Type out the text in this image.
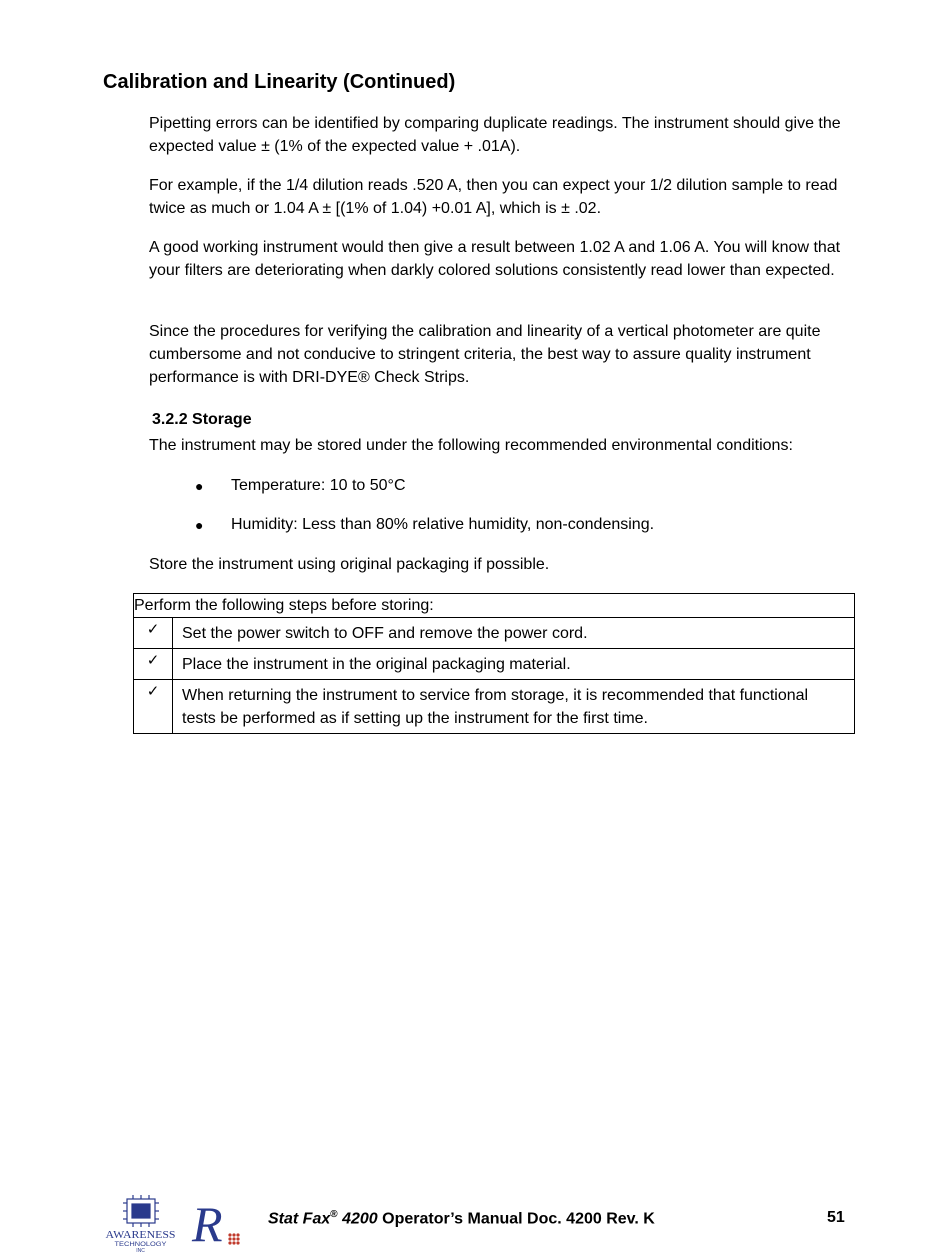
Calibration and Linearity (Continued)

Pipetting errors can be identified by comparing duplicate readings. The instrument should give the expected value ± (1% of the expected value + .01A).

For example, if the 1/4 dilution reads .520 A, then you can expect your 1/2 dilution sample to read twice as much or 1.04 A ± [(1% of 1.04) +0.01 A], which is ± .02.

A good working instrument would then give a result between 1.02 A and 1.06 A. You will know that your filters are deteriorating when darkly colored solutions consistently read lower than expected.

Since the procedures for verifying the calibration and linearity of a vertical photometer are quite cumbersome and not conducive to stringent criteria, the best way to assure quality instrument performance is with DRI-DYE® Check Strips.

3.2.2 Storage

The instrument may be stored under the following recommended environmental conditions:

● Temperature: 10 to 50°C
● Humidity: Less than 80% relative humidity, non-condensing.

Store the instrument using original packaging if possible.

Perform the following steps before storing:	
✓	Set the power switch to OFF and remove the power cord.
✓	Place the instrument in the original packaging material.
✓	When returning the instrument to service from storage, it is recommended that functional tests be performed as if setting up the instrument for the first time.
AWARENESS
TECHNOLOGY
INC R	Stat Fax® 4200 Operator’s Manual Doc. 4200 Rev. K	51
